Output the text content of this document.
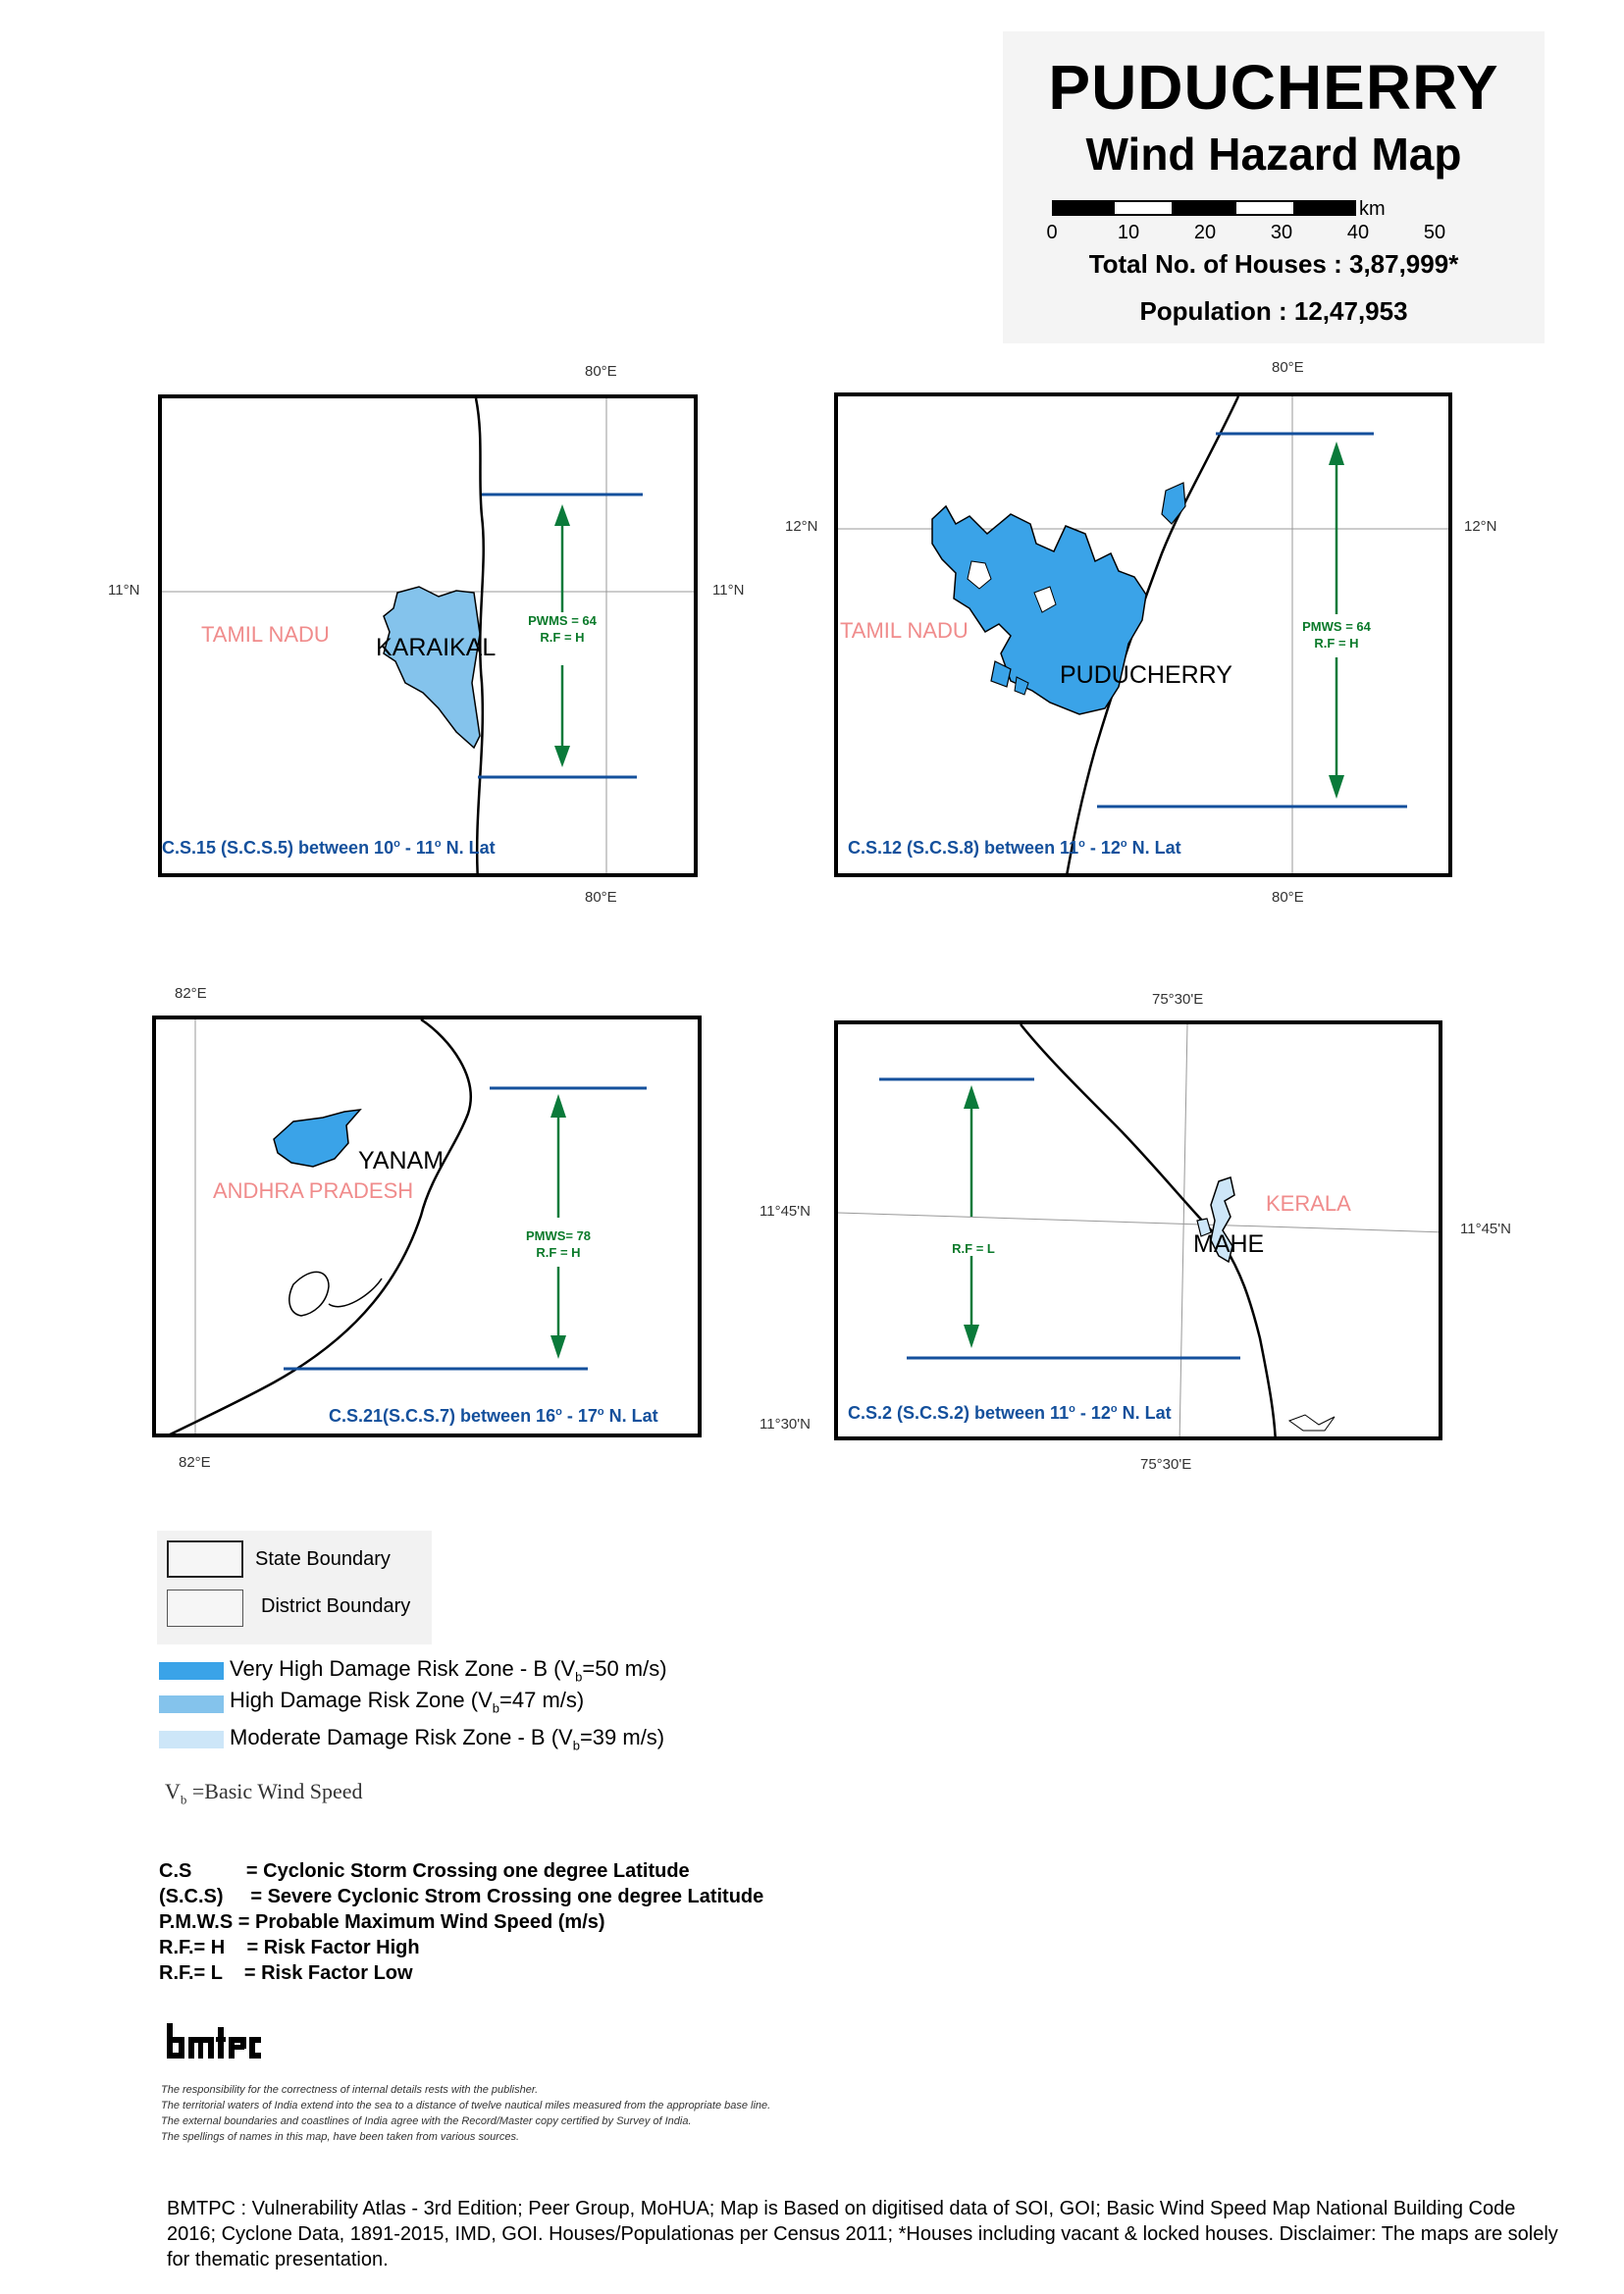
PUDUCHERRY
Wind Hazard Map
0	10	20	30	40	50
km
Total No. of Houses : 3,87,999*
Population : 12,47,953
80°E
80°E
11°N	11°N
TAMIL NADU KARAIKAL
PWMS = 64
R.F = H
C.S.15 (S.C.S.5) between 10$^o$ - 11$^o$ N. Lat
80°E
80°E
12°N	12°N
TAMIL NADU
PUDUCHERRY
PMWS = 64
R.F = H
C.S.12 (S.C.S.8) between 11$^o$ - 12$^o$ N. Lat
82°E
82°E
ANDHRA PRADESH
YANAM
PMWS= 78
R.F = H
C.S.21(S.C.S.7) between 16$^o$ - 17$^o$ N. Lat
75°30'E
75°30'E
11°45'N
11°45'N
11°30'N
KERALA
MAHE
R.F = L
C.S.2 (S.C.S.2) between 11$^o$ - 12$^o$ N. Lat
State Boundary
District Boundary
Very High Damage Risk Zone - B ($V_b=50$ m/s)
High Damage Risk Zone ($V_b=47$ m/s)
Moderate Damage Risk Zone - B ($V_b=39$ m/s)
$V_b$ =Basic Wind Speed
C.S          = Cyclonic Storm Crossing one degree Latitude
(S.C.S)     = Severe Cyclonic Strom Crossing one degree Latitude
P.M.W.S = Probable Maximum Wind Speed (m/s)
R.F.= H    = Risk Factor High
R.F.= L    = Risk Factor Low
The responsibility for the correctness of internal details rests with the publisher.
The territorial waters of India extend into the sea to a distance of twelve nautical miles measured from the appropriate base line.
The external boundaries and coastlines of India agree with the Record/Master copy certified by Survey of India.
The spellings of names in this map, have been taken from various sources.
BMTPC : Vulnerability Atlas - 3rd Edition; Peer Group, MoHUA; Map is Based on digitised data of SOI, GOI; Basic Wind Speed Map National Building Code 2016; Cyclone Data, 1891-2015, IMD, GOI. Houses/Populationas per Census 2011; *Houses including vacant & locked houses. Disclaimer: The maps are solely for thematic presentation.
